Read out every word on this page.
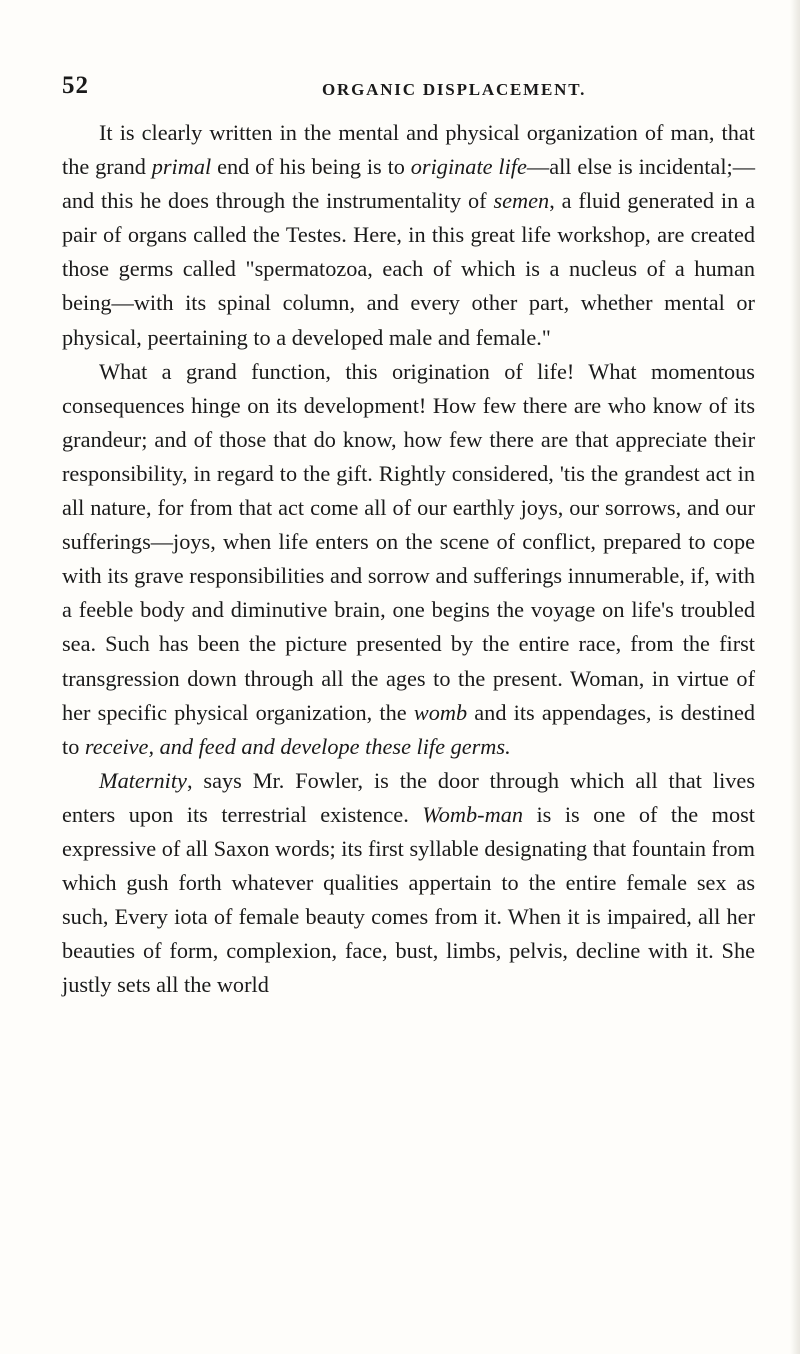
52	ORGANIC DISPLACEMENT.

It is clearly written in the mental and physical organization of man, that the grand primal end of his being is to originate life—all else is incidental;—and this he does through the instrumentality of semen, a fluid generated in a pair of organs called the Testes. Here, in this great life workshop, are created those germs called "spermatozoa, each of which is a nucleus of a human being—with its spinal column, and every other part, whether mental or physical, peertaining to a developed male and female."

What a grand function, this origination of life! What momentous consequences hinge on its development! How few there are who know of its grandeur; and of those that do know, how few there are that appreciate their responsibility, in regard to the gift. Rightly considered, 'tis the grandest act in all nature, for from that act come all of our earthly joys, our sorrows, and our sufferings—joys, when life enters on the scene of conflict, prepared to cope with its grave responsibilities and sorrow and sufferings innumerable, if, with a feeble body and diminutive brain, one begins the voyage on life's troubled sea. Such has been the picture presented by the entire race, from the first transgression down through all the ages to the present. Woman, in virtue of her specific physical organization, the womb and its appendages, is destined to receive, and feed and develope these life germs.

Maternity, says Mr. Fowler, is the door through which all that lives enters upon its terrestrial existence. Womb-man is is one of the most expressive of all Saxon words; its first syllable designating that fountain from which gush forth whatever qualities appertain to the entire female sex as such, Every iota of female beauty comes from it. When it is impaired, all her beauties of form, complexion, face, bust, limbs, pelvis, decline with it. She justly sets all the world
